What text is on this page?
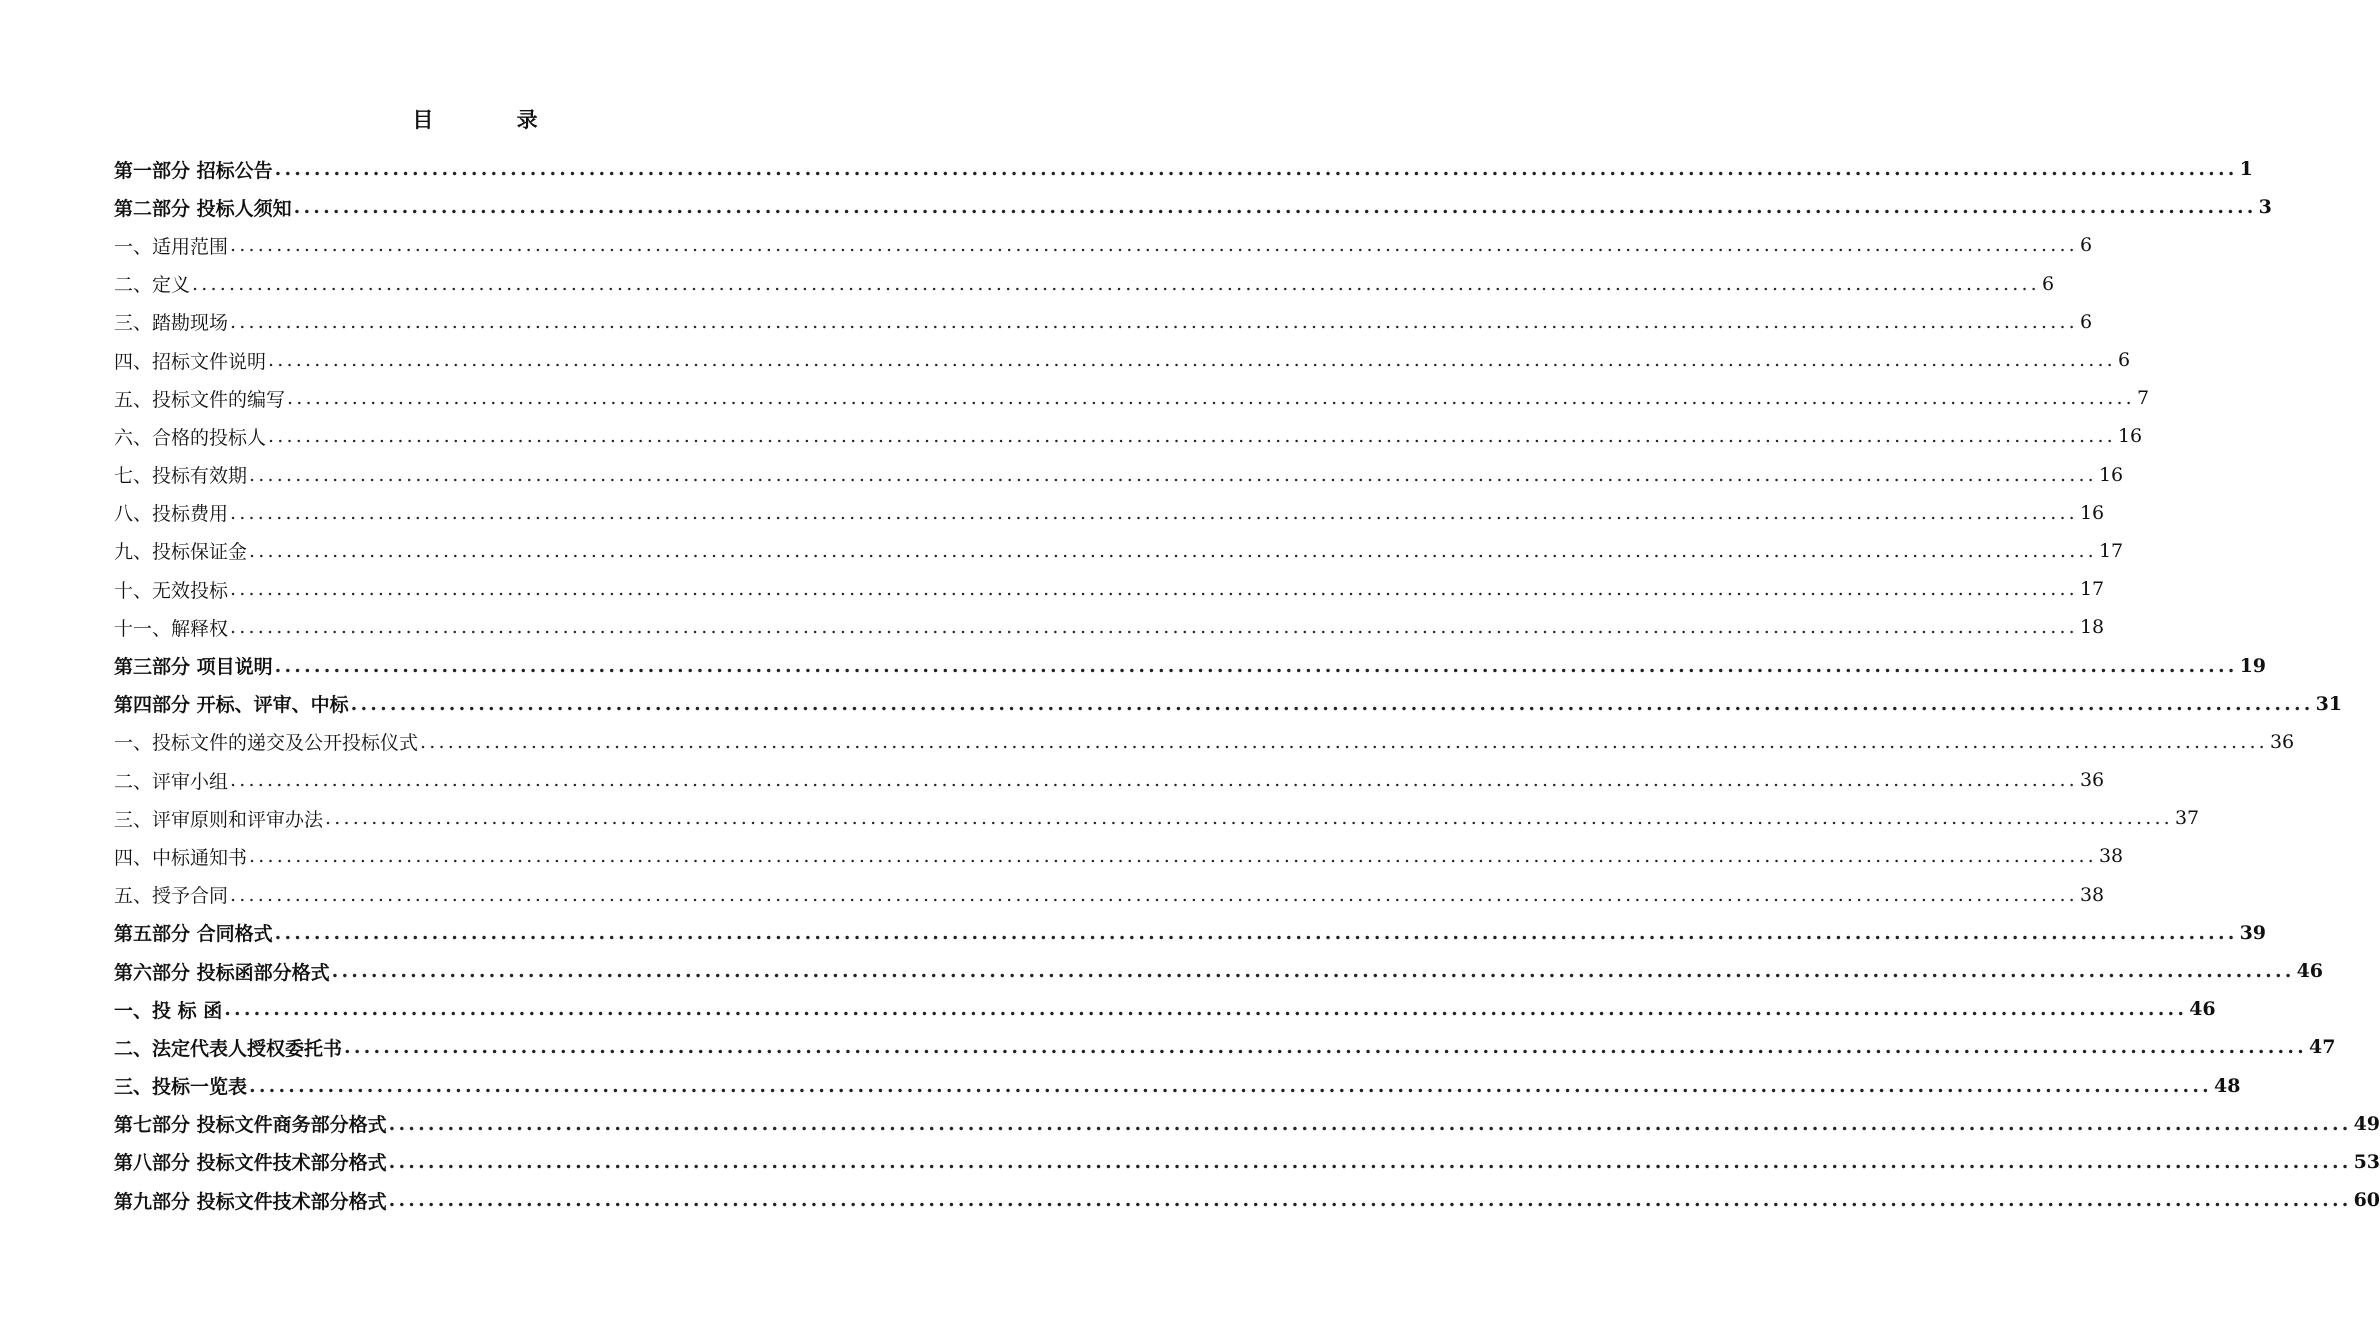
目 录
第一部分 招标公告 ........................................................................................................................................................................................................ 1
第二部分 投标人须知 ........................................................................................................................................................................................................ 3
一、适用范围 ........................................................................................................................................................................................................ 6
二、定义 ........................................................................................................................................................................................................ 6
三、踏勘现场 ........................................................................................................................................................................................................ 6
四、招标文件说明 ........................................................................................................................................................................................................ 6
五、投标文件的编写 ........................................................................................................................................................................................................ 7
六、合格的投标人 ........................................................................................................................................................................................................ 16
七、投标有效期 ........................................................................................................................................................................................................ 16
八、投标费用 ........................................................................................................................................................................................................ 16
九、投标保证金 ........................................................................................................................................................................................................ 17
十、无效投标 ........................................................................................................................................................................................................ 17
十一、解释权 ........................................................................................................................................................................................................ 18
第三部分 项目说明 ........................................................................................................................................................................................................ 19
第四部分 开标、评审、中标 ........................................................................................................................................................................................................ 31
一、投标文件的递交及公开投标仪式 ........................................................................................................................................................................................................ 36
二、评审小组 ........................................................................................................................................................................................................ 36
三、评审原则和评审办法 ........................................................................................................................................................................................................ 37
四、中标通知书 ........................................................................................................................................................................................................ 38
五、授予合同 ........................................................................................................................................................................................................ 38
第五部分 合同格式 ........................................................................................................................................................................................................ 39
第六部分 投标函部分格式 ........................................................................................................................................................................................................ 46
一、投 标 函 ........................................................................................................................................................................................................ 46
二、法定代表人授权委托书 ........................................................................................................................................................................................................ 47
三、投标一览表 ........................................................................................................................................................................................................ 48
第七部分 投标文件商务部分格式 ........................................................................................................................................................................................................ 49
第八部分 投标文件技术部分格式 ........................................................................................................................................................................................................ 53
第九部分 投标文件技术部分格式 ........................................................................................................................................................................................................ 60
